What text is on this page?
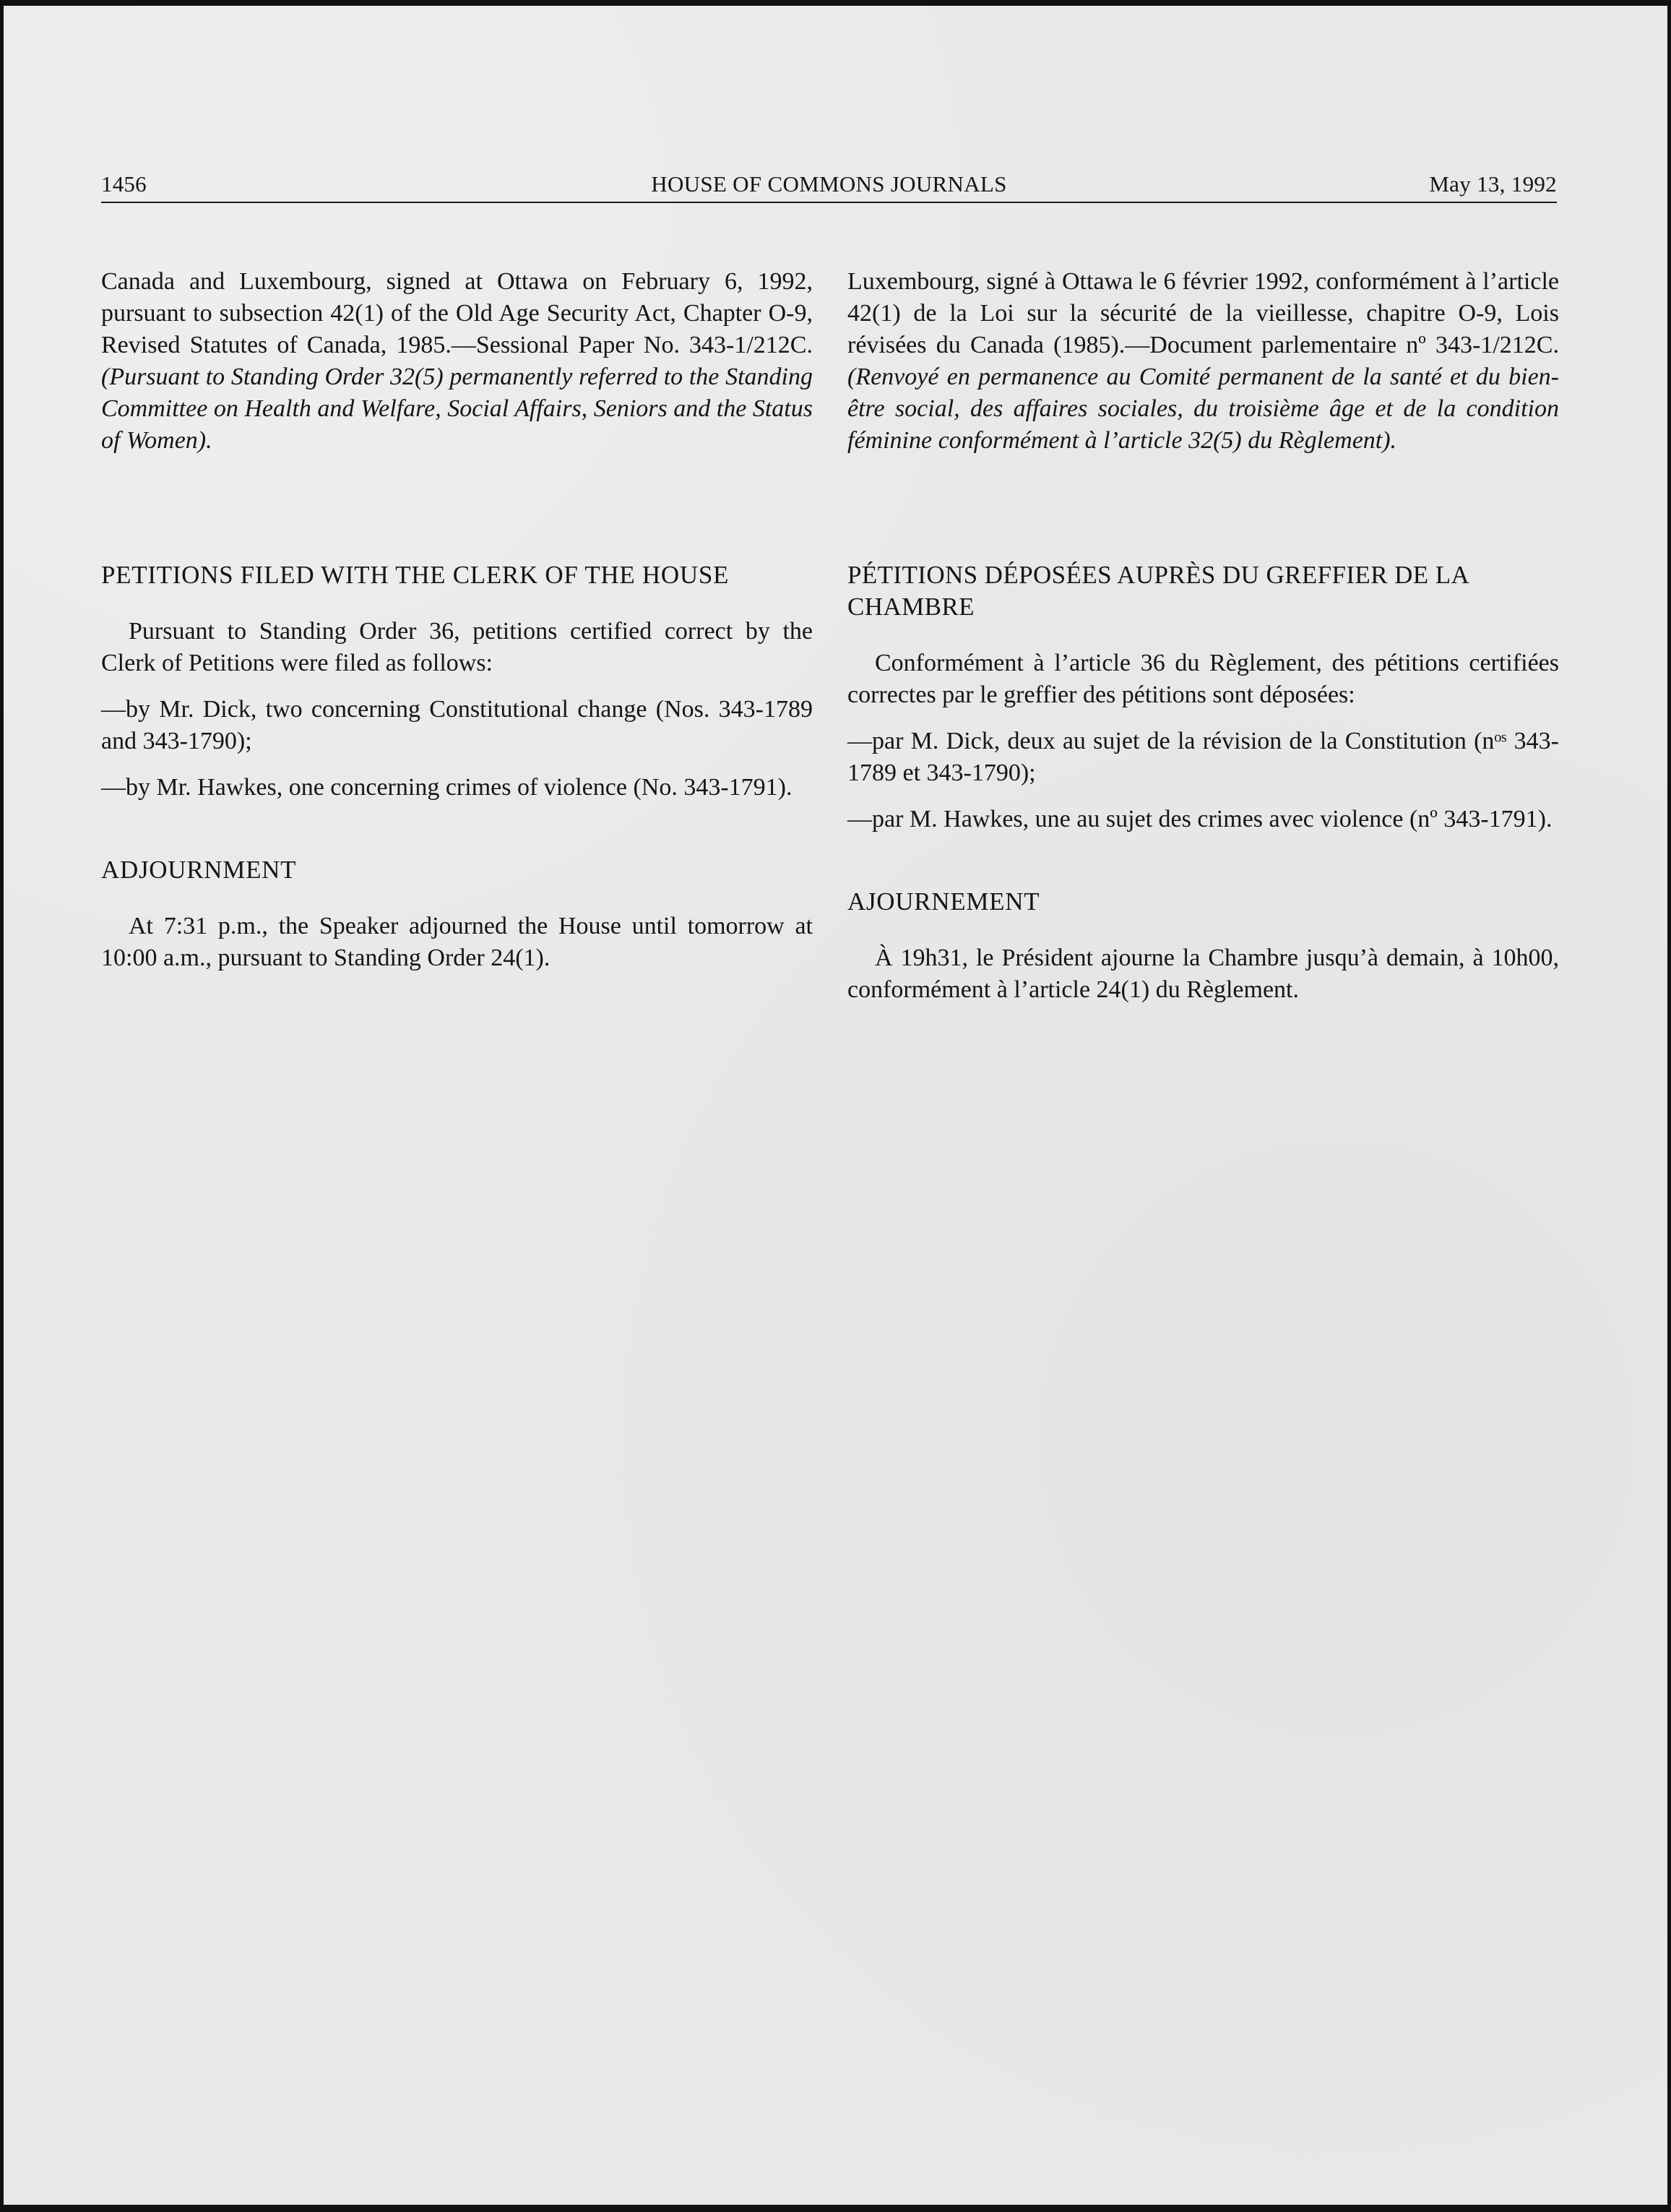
1456	HOUSE OF COMMONS JOURNALS	May 13, 1992

Canada and Luxembourg, signed at Ottawa on February 6, 1992, pursuant to subsection 42(1) of the Old Age Security Act, Chapter O-9, Revised Statutes of Canada, 1985.—Sessional Paper No. 343-1/212C. (Pursuant to Standing Order 32(5) permanently referred to the Standing Committee on Health and Welfare, Social Affairs, Seniors and the Status of Women).

PETITIONS FILED WITH THE CLERK OF THE HOUSE

Pursuant to Standing Order 36, petitions certified correct by the Clerk of Petitions were filed as follows:

—by Mr. Dick, two concerning Constitutional change (Nos. 343-1789 and 343-1790);

—by Mr. Hawkes, one concerning crimes of violence (No. 343-1791).

ADJOURNMENT

At 7:31 p.m., the Speaker adjourned the House until tomorrow at 10:00 a.m., pursuant to Standing Order 24(1).

Luxembourg, signé à Ottawa le 6 février 1992, conformément à l’article 42(1) de la Loi sur la sécurité de la vieillesse, chapitre O-9, Lois révisées du Canada (1985).—Document parlementaire nº 343-1/212C. (Renvoyé en permanence au Comité permanent de la santé et du bien-être social, des affaires sociales, du troisième âge et de la condition féminine conformément à l’article 32(5) du Règlement).

PÉTITIONS DÉPOSÉES AUPRÈS DU GREFFIER DE LA CHAMBRE

Conformément à l’article 36 du Règlement, des pétitions certifiées correctes par le greffier des pétitions sont déposées:

—par M. Dick, deux au sujet de la révision de la Constitution (nᵒˢ 343-1789 et 343-1790);

—par M. Hawkes, une au sujet des crimes avec violence (nº 343-1791).

AJOURNEMENT

À 19h31, le Président ajourne la Chambre jusqu’à demain, à 10h00, conformément à l’article 24(1) du Règlement.
